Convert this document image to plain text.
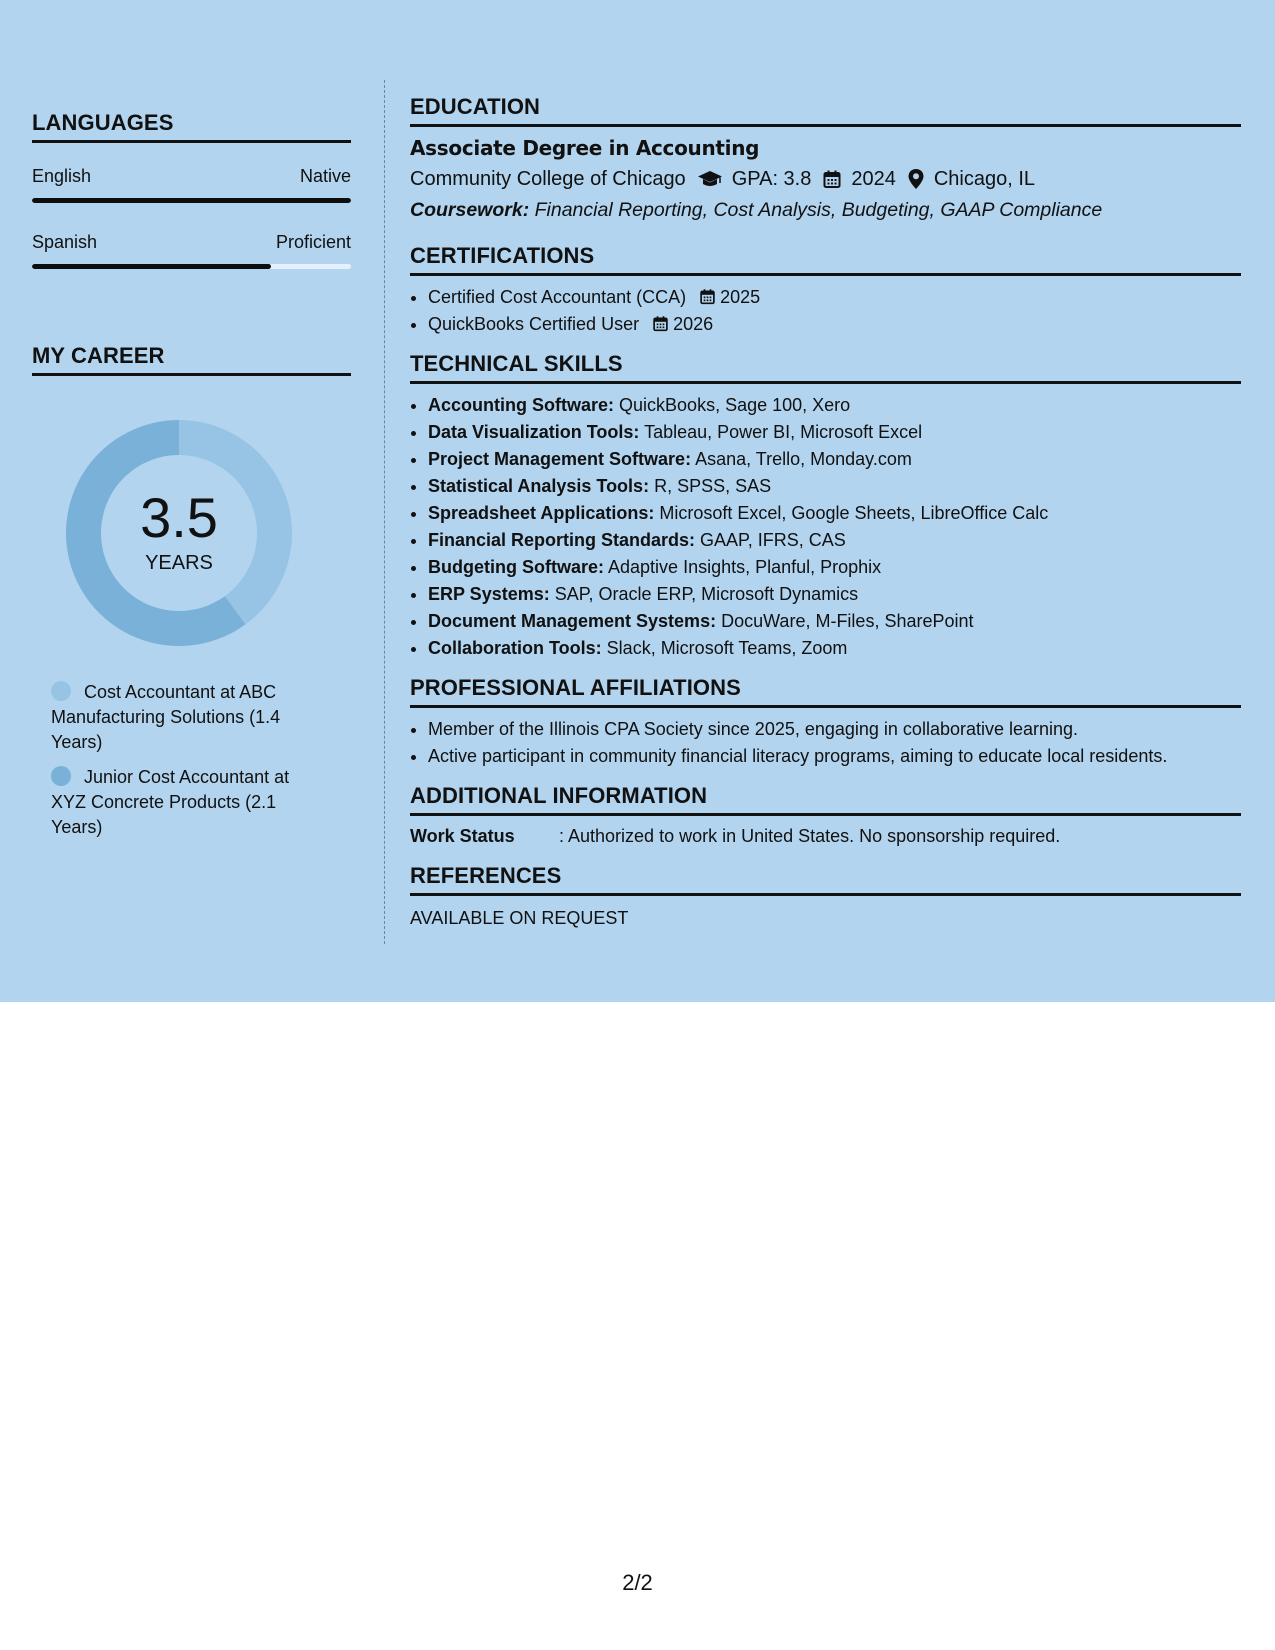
LANGUAGES
English	Native
Spanish	Proficient
MY CAREER
3.5
YEARS
Cost Accountant at ABC Manufacturing Solutions (1.4 Years)
Junior Cost Accountant at XYZ Concrete Products (2.1 Years)
EDUCATION
Associate Degree in Accounting
Community College of Chicago GPA: 3.8 2024 Chicago, IL
Coursework: Financial Reporting, Cost Analysis, Budgeting, GAAP Compliance
CERTIFICATIONS
• Certified Cost Accountant (CCA) 2025
• QuickBooks Certified User 2026
TECHNICAL SKILLS
• Accounting Software: QuickBooks, Sage 100, Xero
• Data Visualization Tools: Tableau, Power BI, Microsoft Excel
• Project Management Software: Asana, Trello, Monday.com
• Statistical Analysis Tools: R, SPSS, SAS
• Spreadsheet Applications: Microsoft Excel, Google Sheets, LibreOffice Calc
• Financial Reporting Standards: GAAP, IFRS, CAS
• Budgeting Software: Adaptive Insights, Planful, Prophix
• ERP Systems: SAP, Oracle ERP, Microsoft Dynamics
• Document Management Systems: DocuWare, M-Files, SharePoint
• Collaboration Tools: Slack, Microsoft Teams, Zoom
PROFESSIONAL AFFILIATIONS
• Member of the Illinois CPA Society since 2025, engaging in collaborative learning.
• Active participant in community financial literacy programs, aiming to educate local residents.
ADDITIONAL INFORMATION
Work Status	: Authorized to work in United States. No sponsorship required.
REFERENCES
AVAILABLE ON REQUEST
2/2
